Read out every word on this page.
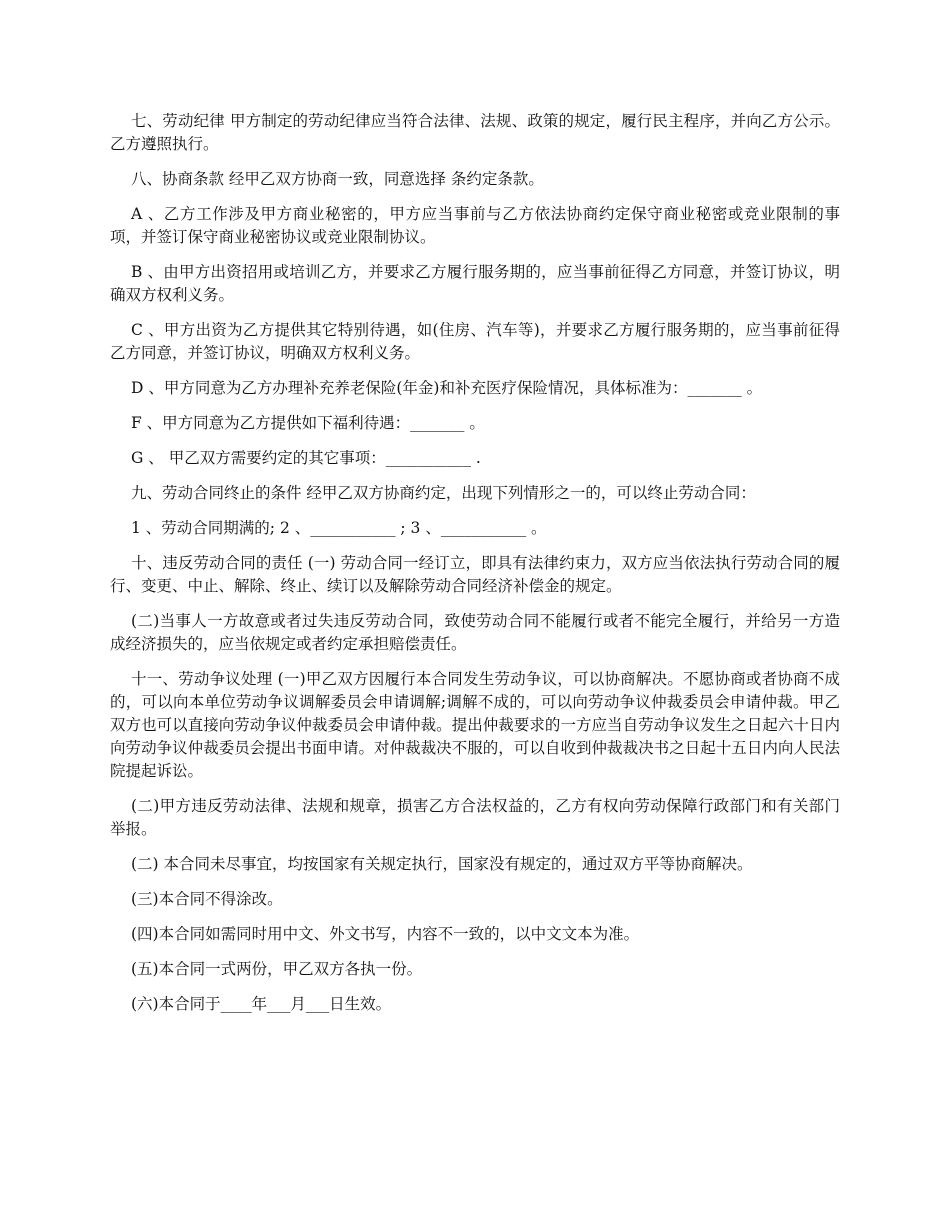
七、劳动纪律 甲方制定的劳动纪律应当符合法律、法规、政策的规定，履行民主程序，并向乙方公示。乙方遵照执行。

八、协商条款 经甲乙双方协商一致，同意选择 条约定条款。

A 、乙方工作涉及甲方商业秘密的，甲方应当事前与乙方依法协商约定保守商业秘密或竞业限制的事项，并签订保守商业秘密协议或竞业限制协议。

B 、由甲方出资招用或培训乙方，并要求乙方履行服务期的，应当事前征得乙方同意，并签订协议，明确双方权利义务。

C 、甲方出资为乙方提供其它特别待遇，如(住房、汽车等)，并要求乙方履行服务期的，应当事前征得乙方同意，并签订协议，明确双方权利义务。

D 、甲方同意为乙方办理补充养老保险(年金)和补充医疗保险情况，具体标准为：_______ 。

F 、甲方同意为乙方提供如下福利待遇：_______ 。

G 、 甲乙双方需要约定的其它事项：___________ .

九、劳动合同终止的条件 经甲乙双方协商约定，出现下列情形之一的，可以终止劳动合同：

1 、劳动合同期满的; 2 、___________ ; 3 、___________ 。

十、违反劳动合同的责任 (一) 劳动合同一经订立，即具有法律约束力，双方应当依法执行劳动合同的履行、变更、中止、解除、终止、续订以及解除劳动合同经济补偿金的规定。

(二)当事人一方故意或者过失违反劳动合同，致使劳动合同不能履行或者不能完全履行，并给另一方造成经济损失的，应当依规定或者约定承担赔偿责任。

十一、劳动争议处理 (一)甲乙双方因履行本合同发生劳动争议，可以协商解决。不愿协商或者协商不成的，可以向本单位劳动争议调解委员会申请调解;调解不成的，可以向劳动争议仲裁委员会申请仲裁。甲乙双方也可以直接向劳动争议仲裁委员会申请仲裁。提出仲裁要求的一方应当自劳动争议发生之日起六十日内向劳动争议仲裁委员会提出书面申请。对仲裁裁决不服的，可以自收到仲裁裁决书之日起十五日内向人民法院提起诉讼。

(二)甲方违反劳动法律、法规和规章，损害乙方合法权益的，乙方有权向劳动保障行政部门和有关部门举报。

(二) 本合同未尽事宜，均按国家有关规定执行，国家没有规定的，通过双方平等协商解决。

(三)本合同不得涂改。

(四)本合同如需同时用中文、外文书写，内容不一致的，以中文文本为准。

(五)本合同一式两份，甲乙双方各执一份。

(六)本合同于____年___月___日生效。
